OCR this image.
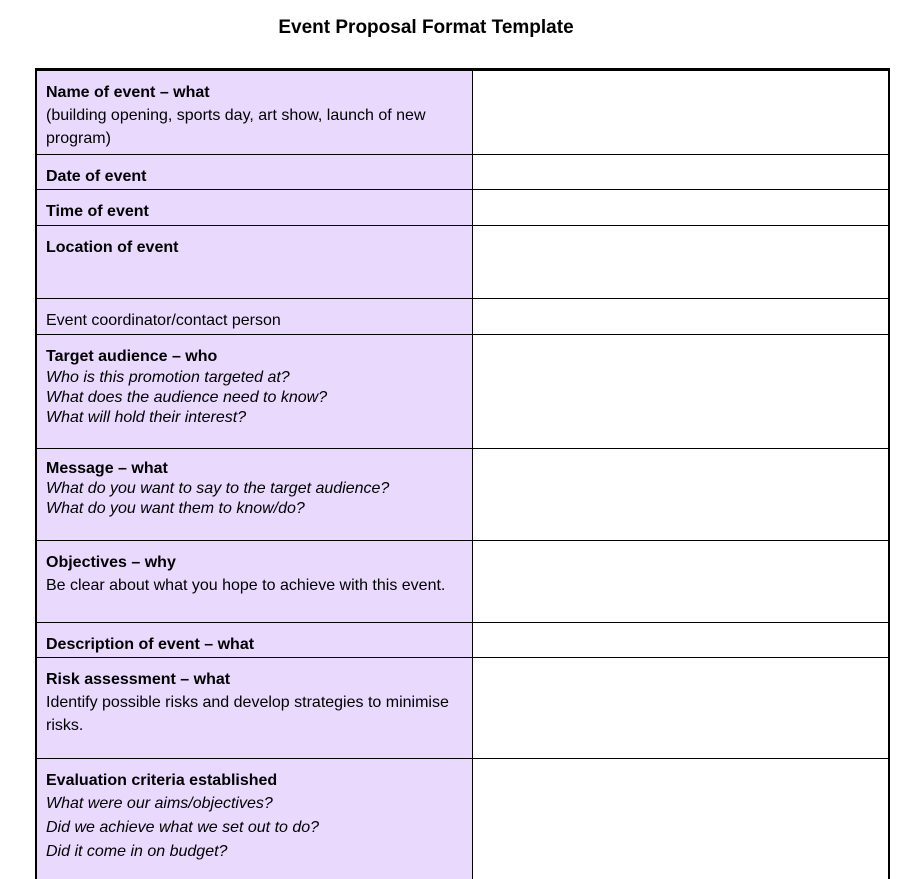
Event Proposal Format Template
Name of event – what
(building opening, sports day, art show, launch of new program)
Date of event
Time of event
Location of event
Event coordinator/contact person
Target audience – who
Who is this promotion targeted at?
What does the audience need to know?
What will hold their interest?
Message – what
What do you want to say to the target audience?
What do you want them to know/do?
Objectives – why
Be clear about what you hope to achieve with this event.
Description of event – what
Risk assessment – what
Identify possible risks and develop strategies to minimise risks.
Evaluation criteria established
What were our aims/objectives?
Did we achieve what we set out to do?
Did it come in on budget?
